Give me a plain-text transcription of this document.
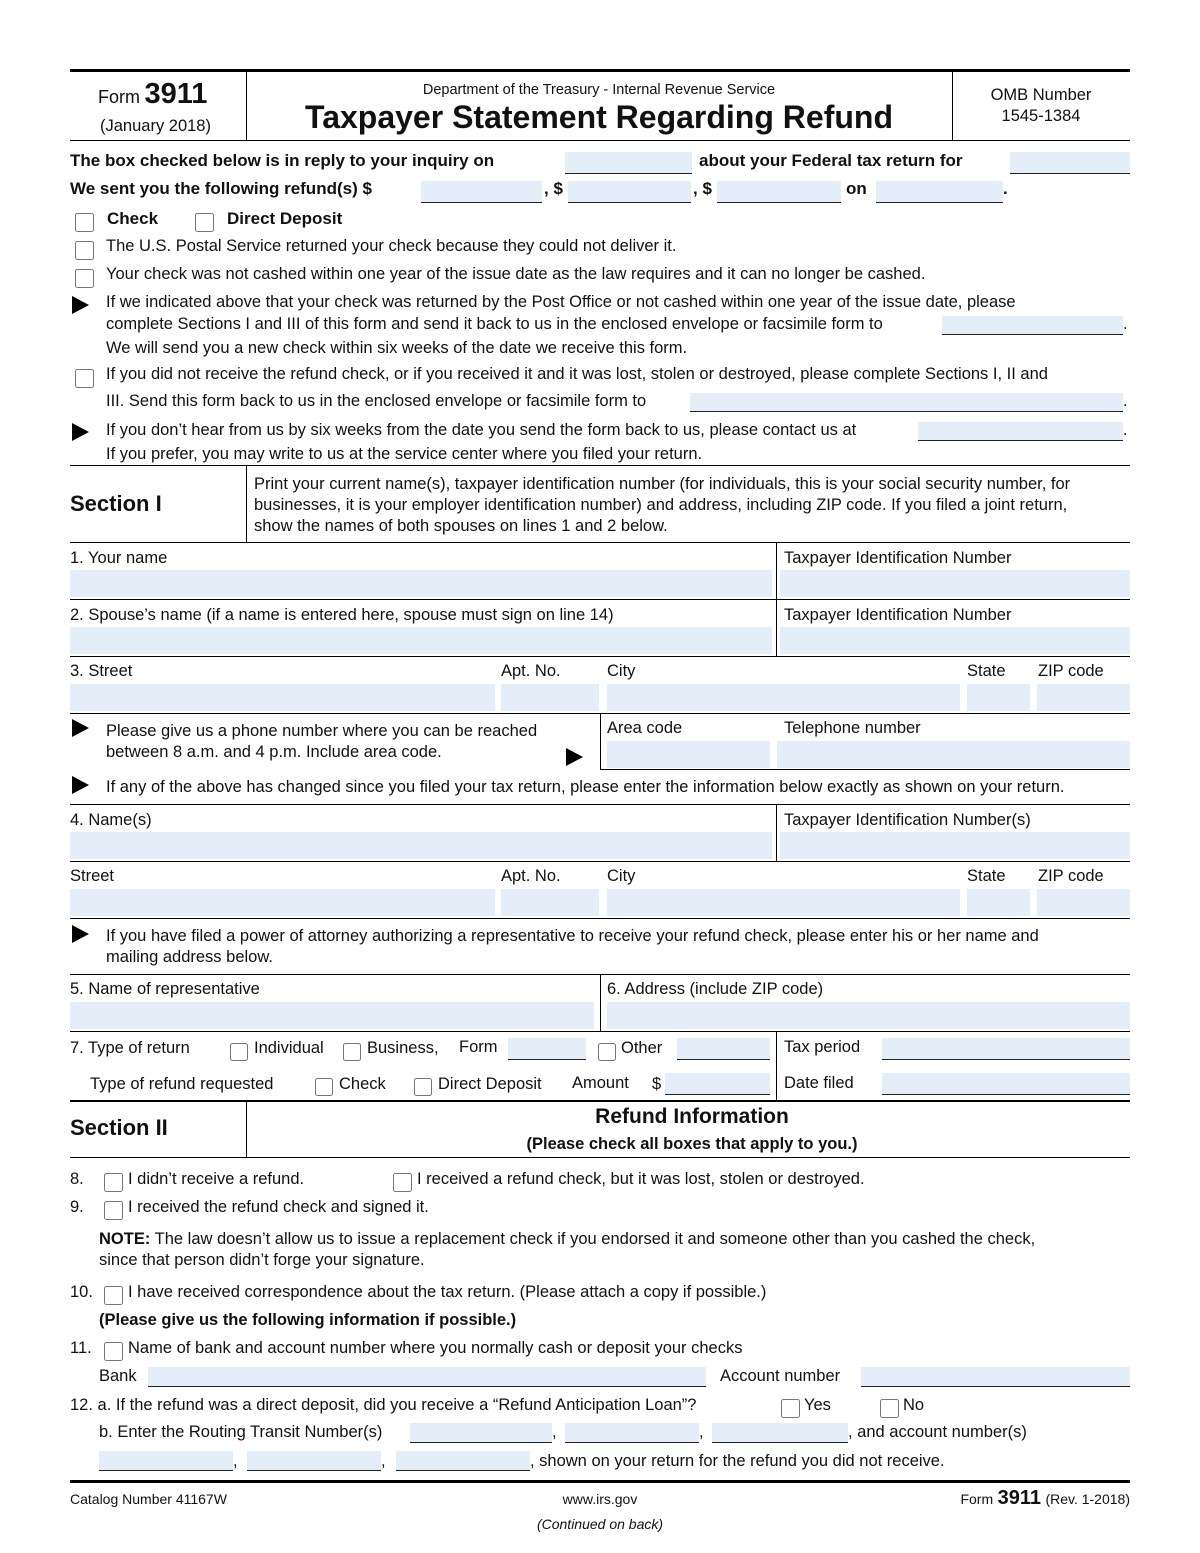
Form 3911
(January 2018)
Department of the Treasury - Internal Revenue Service
Taxpayer Statement Regarding Refund
OMB Number
1545-1384
The box checked below is in reply to your inquiry on	about your Federal tax return for
We sent you the following refund(s) $	, $	, $	on	.
Check	Direct Deposit
The U.S. Postal Service returned your check because they could not deliver it.
Your check was not cashed within one year of the issue date as the law requires and it can no longer be cashed.
If we indicated above that your check was returned by the Post Office or not cashed within one year of the issue date, please
complete Sections I and III of this form and send it back to us in the enclosed envelope or facsimile form to	.
We will send you a new check within six weeks of the date we receive this form.
If you did not receive the refund check, or if you received it and it was lost, stolen or destroyed, please complete Sections I, II and
III. Send this form back to us in the enclosed envelope or facsimile form to	.
If you don’t hear from us by six weeks from the date you send the form back to us, please contact us at	.
If you prefer, you may write to us at the service center where you filed your return.
Section I
Print your current name(s), taxpayer identification number (for individuals, this is your social security number, for
businesses, it is your employer identification number) and address, including ZIP code. If you filed a joint return,
show the names of both spouses on lines 1 and 2 below.
1. Your name	Taxpayer Identification Number
2. Spouse’s name (if a name is entered here, spouse must sign on line 14)	Taxpayer Identification Number
3. Street	Apt. No.	City	State ZIP code
Please give us a phone number where you can be reached
between 8 a.m. and 4 p.m. Include area code.
Area code	Telephone number
If any of the above has changed since you filed your tax return, please enter the information below exactly as shown on your return.
4. Name(s)	Taxpayer Identification Number(s)
Street	Apt. No.	City	State ZIP code
If you have filed a power of attorney authorizing a representative to receive your refund check, please enter his or her name and
mailing address below.
5. Name of representative	6. Address (include ZIP code)
7. Type of return	Individual	Business, Form	Other	Tax period
Type of refund requested	Check	Direct Deposit Amount $	Date filed
Section II	Refund Information
(Please check all boxes that apply to you.)
8.	I didn’t receive a refund.	I received a refund check, but it was lost, stolen or destroyed.
9.	I received the refund check and signed it.
NOTE: The law doesn’t allow us to issue a replacement check if you endorsed it and someone other than you cashed the check,
since that person didn’t forge your signature.
10. I have received correspondence about the tax return. (Please attach a copy if possible.)
(Please give us the following information if possible.)
11. Name of bank and account number where you normally cash or deposit your checks
Bank	Account number
12. a. If the refund was a direct deposit, did you receive a “Refund Anticipation Loan”?	Yes	No
b. Enter the Routing Transit Number(s)	,	,	, and account number(s)
,	,	, shown on your return for the refund you did not receive.
Catalog Number 41167W	www.irs.gov
(Continued on back)
Form 3911 (Rev. 1-2018)
